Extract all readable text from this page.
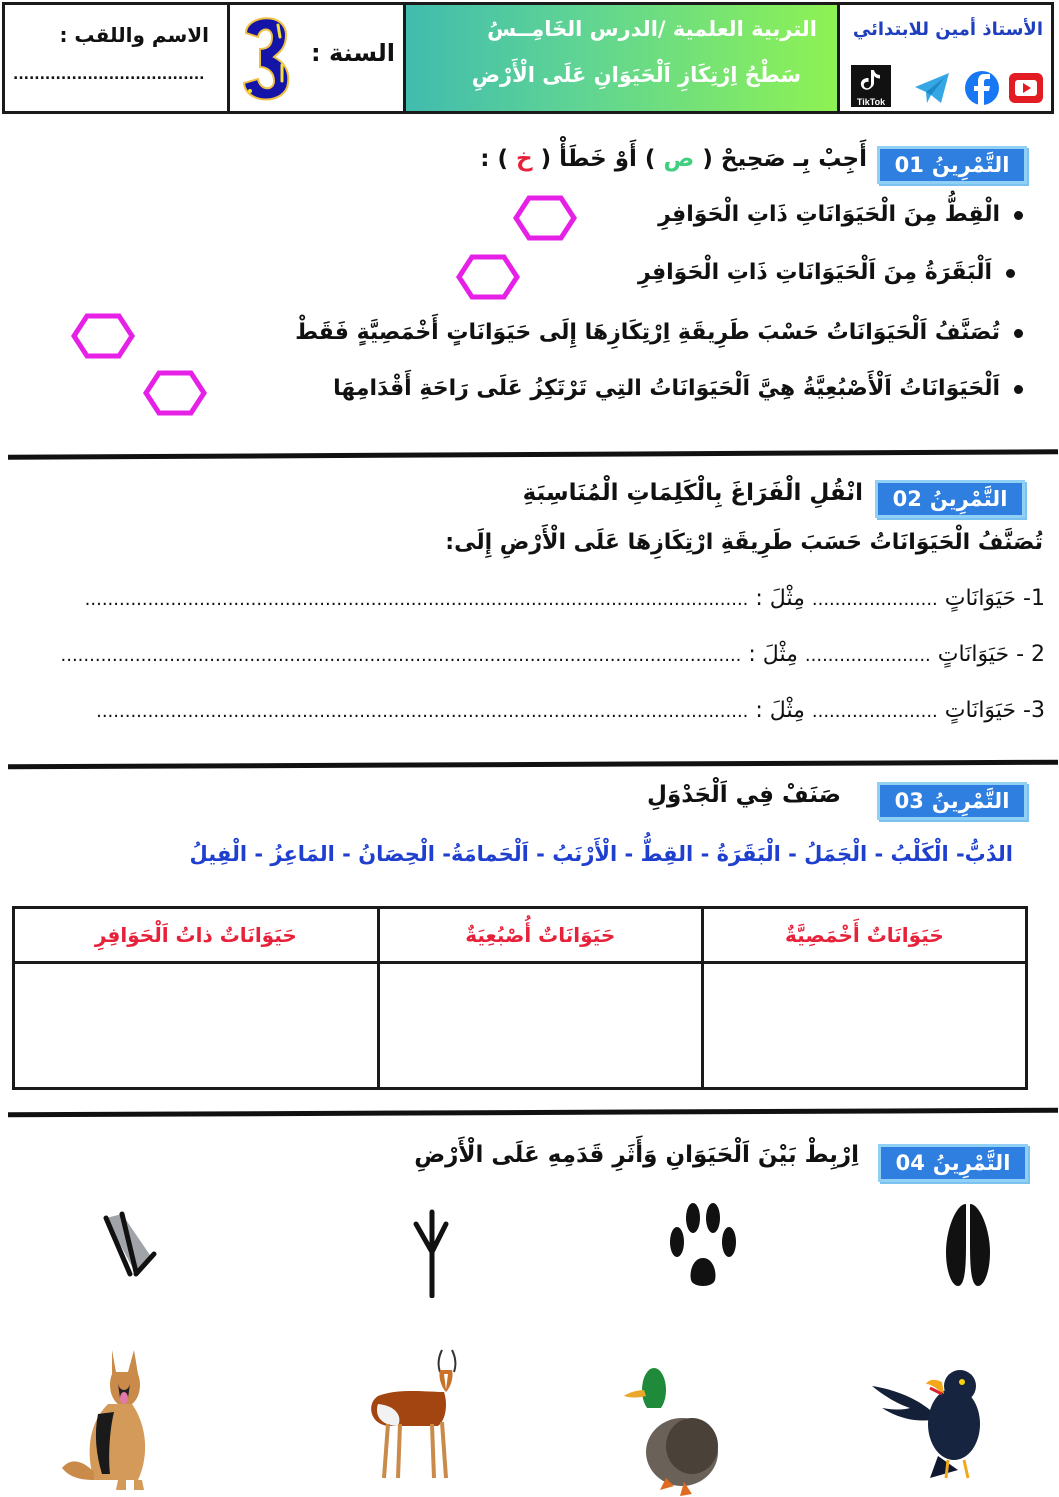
الاسم واللقب :
....................................
السنة :
3
التربية العلمية /الدرس الخَامِــسُ
سَطْحُ اِرْتِكَازِ اَلْحَيَوَانِ عَلَى الْأَرْضِ
الأستاذ أمين للابتدائي
TikTok
التَّمْرِينُ01
أَجِبْ بِـ صَحِيحْ ( ص ) أَوْ خَطَأْ ( خ ) :
الْقِطُّ مِنَ الْحَيَوَانَاتِ ذَاتِ الْحَوَافِرِ
اَلْبَقَرَةُ مِنَ اَلْحَيَوَانَاتِ ذَاتِ الْحَوَافِرِ
تُصَنَّفُ اَلْحَيَوَانَاتُ حَسْبَ طَرِيقَةِ اِرْتِكَازِهَا إِلَى حَيَوَانَاتٍ أَخْمَصِيَّةٍ فَقَطْ
اَلْحَيَوَانَاتُ اَلْأَصْبُعِيَّةُ هِيَّ اَلْحَيَوَانَاتُ التِي تَرْتَكِزُ عَلَى رَاحَةِ أَقْدَامِهَا
التَّمْرِينُ02
انْقُلِ الْفَرَاغَ بِالْكَلِمَاتِ الْمُنَاسِبَةِ
تُصَنَّفُ الْحَيَوَانَاتُ حَسَبَ طَرِيقَةِ ارْتِكَازِهَا عَلَى الْأَرْضِ إِلَى:
1- حَيَوَانَاتٍ ...................... مِثْلَ : ....................................................................................................................
2 - حَيَوَانَاتٍ ...................... مِثْلَ : .......................................................................................................................
3- حَيَوَانَاتٍ ...................... مِثْلَ : ..................................................................................................................
التَّمْرِينُ03
صَنَفْ فِي اَلْجَدْوَلِ
الدُبُّ- الْكَلْبُ - الْجَمَلُ - الْبَقَرَةُ - القِطُّ - الْأَرْنَبُ - اَلْحَمامَةُ- الْحِصَانُ - المَاعِزُ - الْفِيلُ
حَيَوَانَاتٌ ذاتُ اَلْحَوَافِرِ	حَيَوَانَاتٌ أُصْبُعِيَةٌ	حَيَوَانَاتٌ أَخْمَصِيَّةٌ

التَّمْرِينُ04
اِرْبِطْ بَيْنَ اَلْحَيَوَانِ وَأَثَرِ قَدَمِهِ عَلَى الْأَرْضِ
